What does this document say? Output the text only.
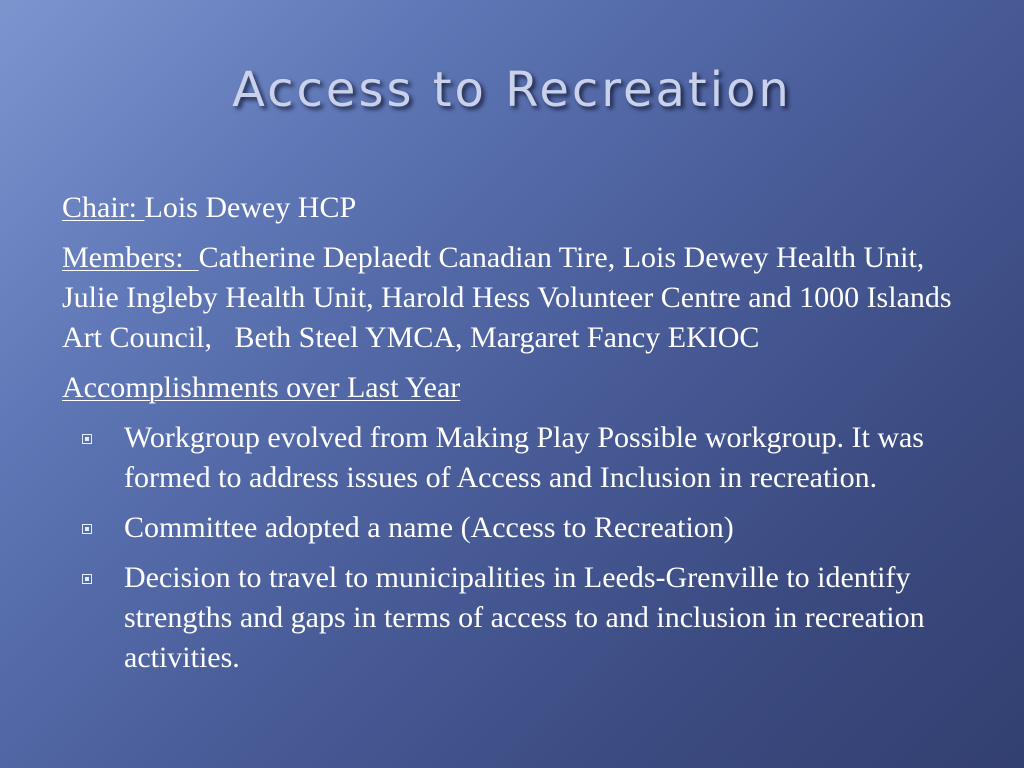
Access to Recreation

Chair: Lois Dewey HCP

Members:  Catherine Deplaedt Canadian Tire, Lois Dewey Health Unit, Julie Ingleby Health Unit, Harold Hess Volunteer Centre and 1000 Islands Art Council,   Beth Steel YMCA, Margaret Fancy EKIOC

Accomplishments over Last Year

Workgroup evolved from Making Play Possible workgroup. It was formed to address issues of Access and Inclusion in recreation.
Committee adopted a name (Access to Recreation)
Decision to travel to municipalities in Leeds-Grenville to identify strengths and gaps in terms of access to and inclusion in recreation activities.
